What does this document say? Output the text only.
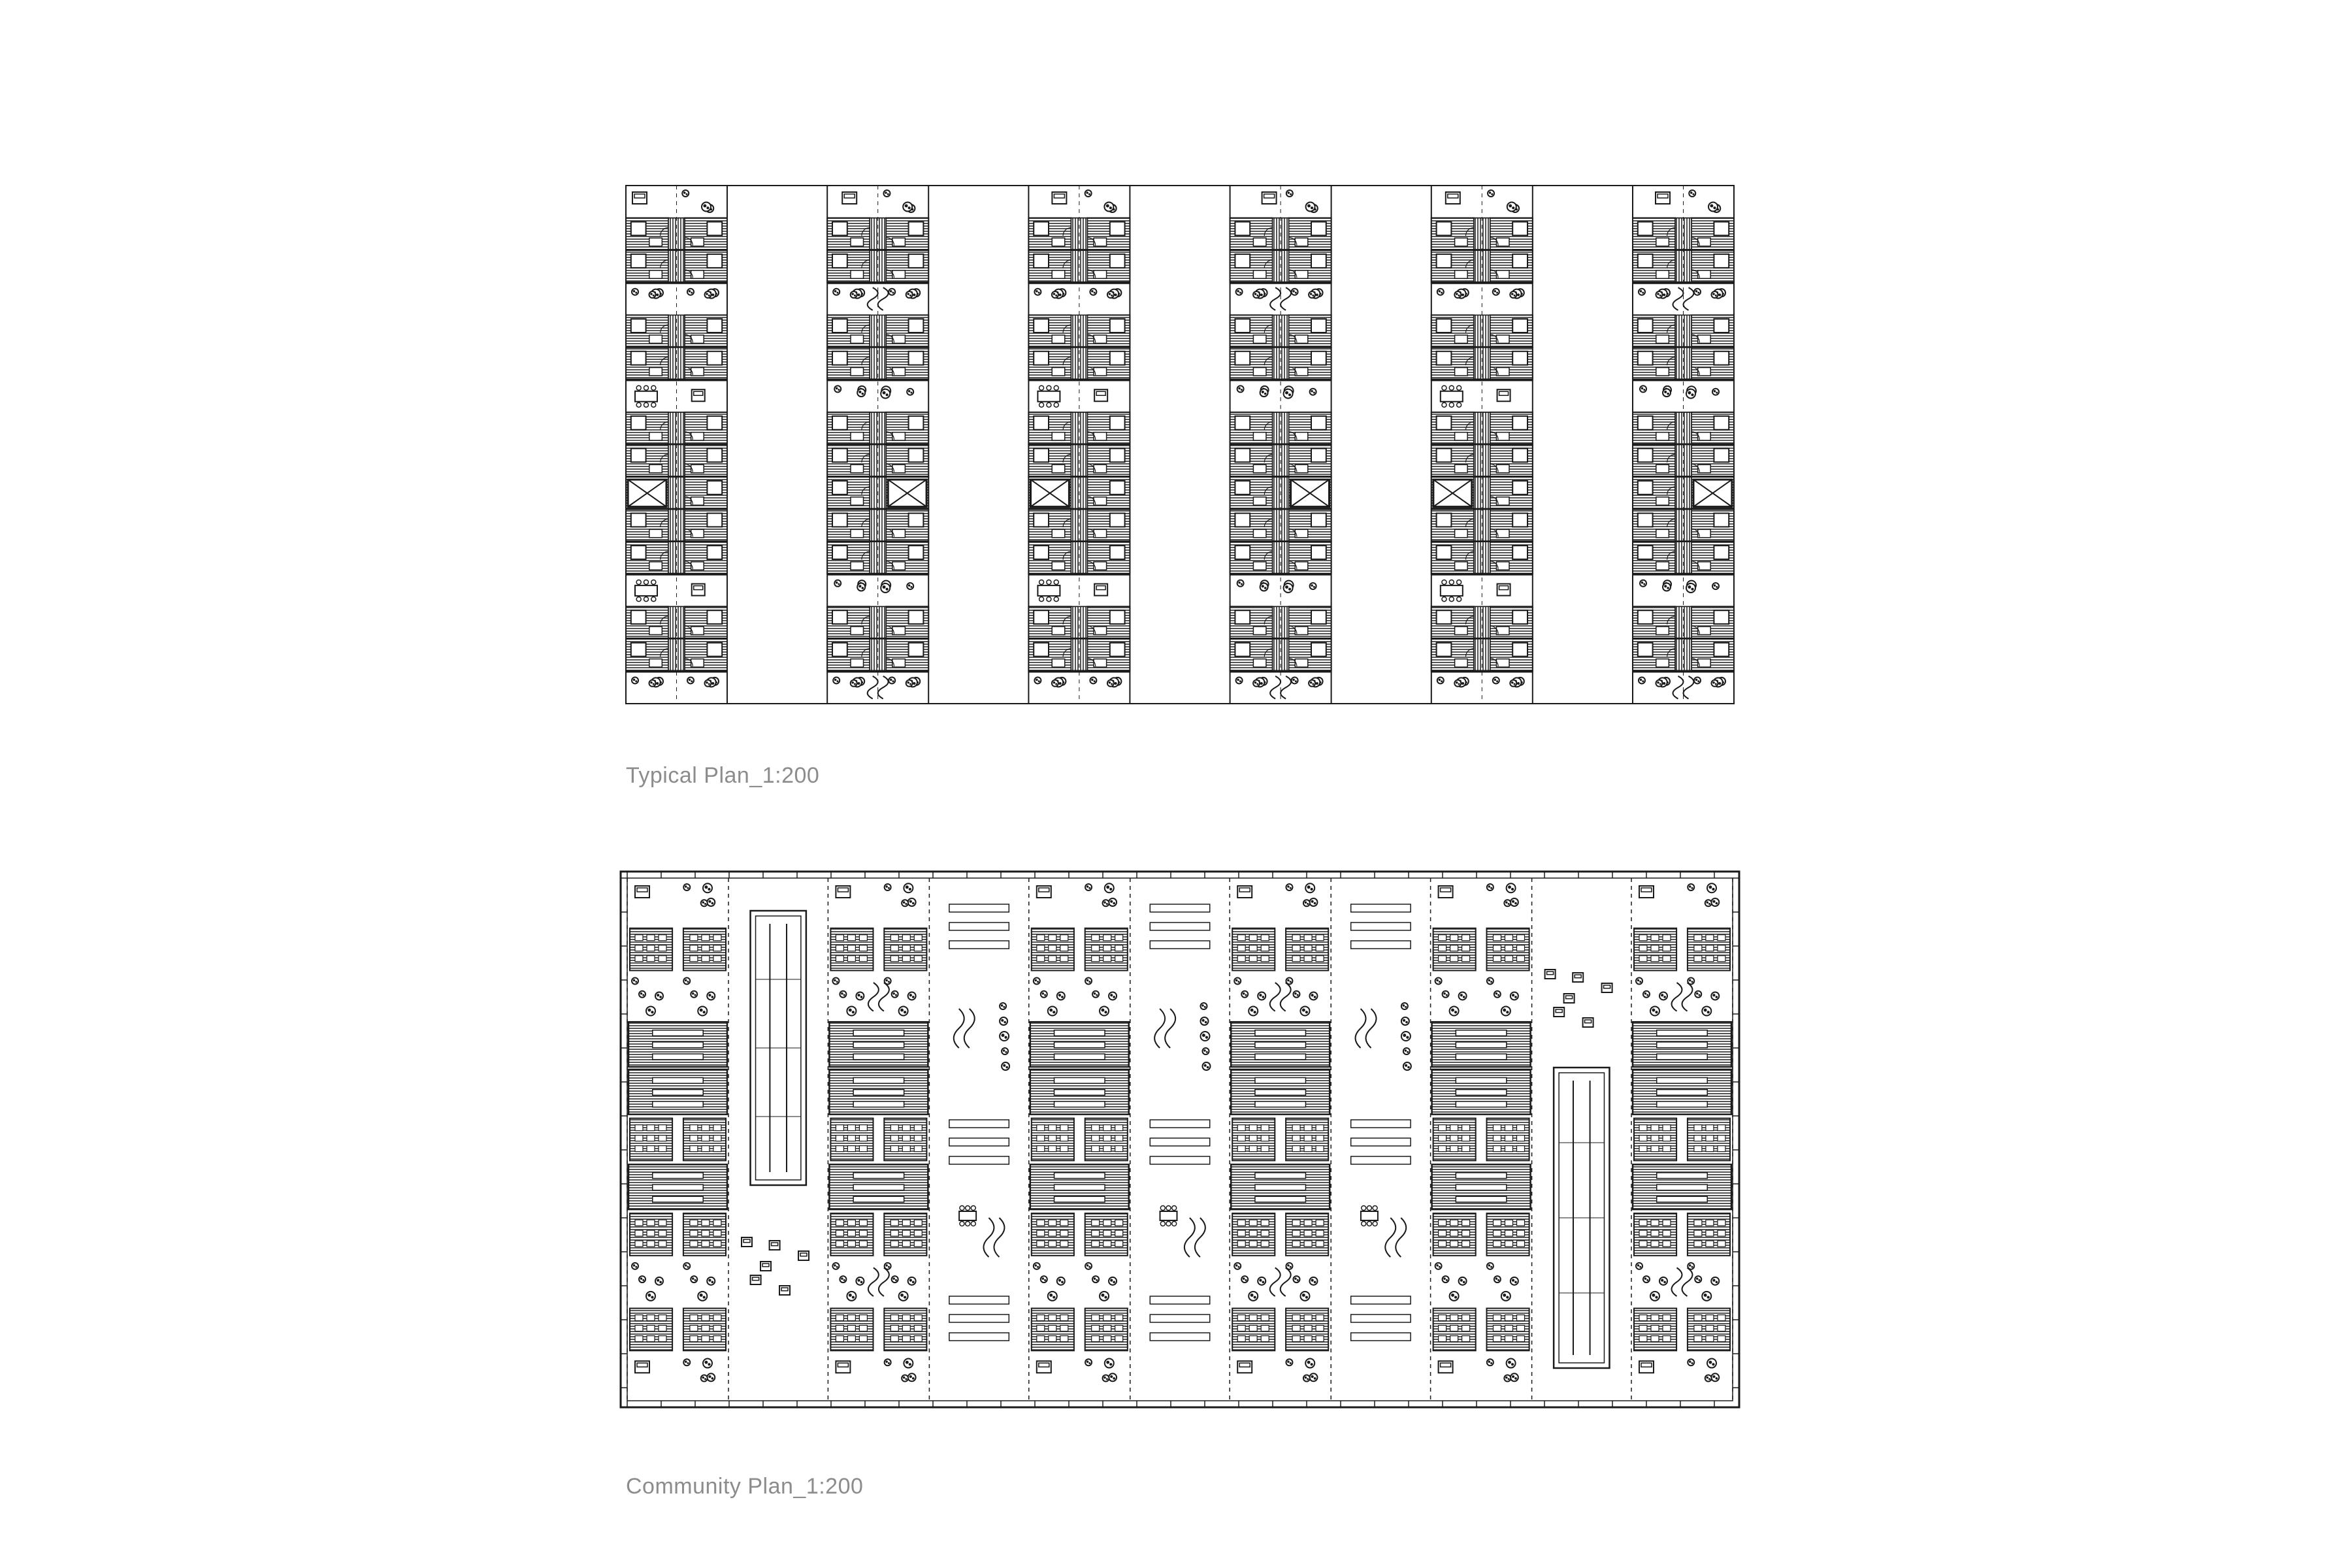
Typical Plan_1:200
Community Plan_1:200
